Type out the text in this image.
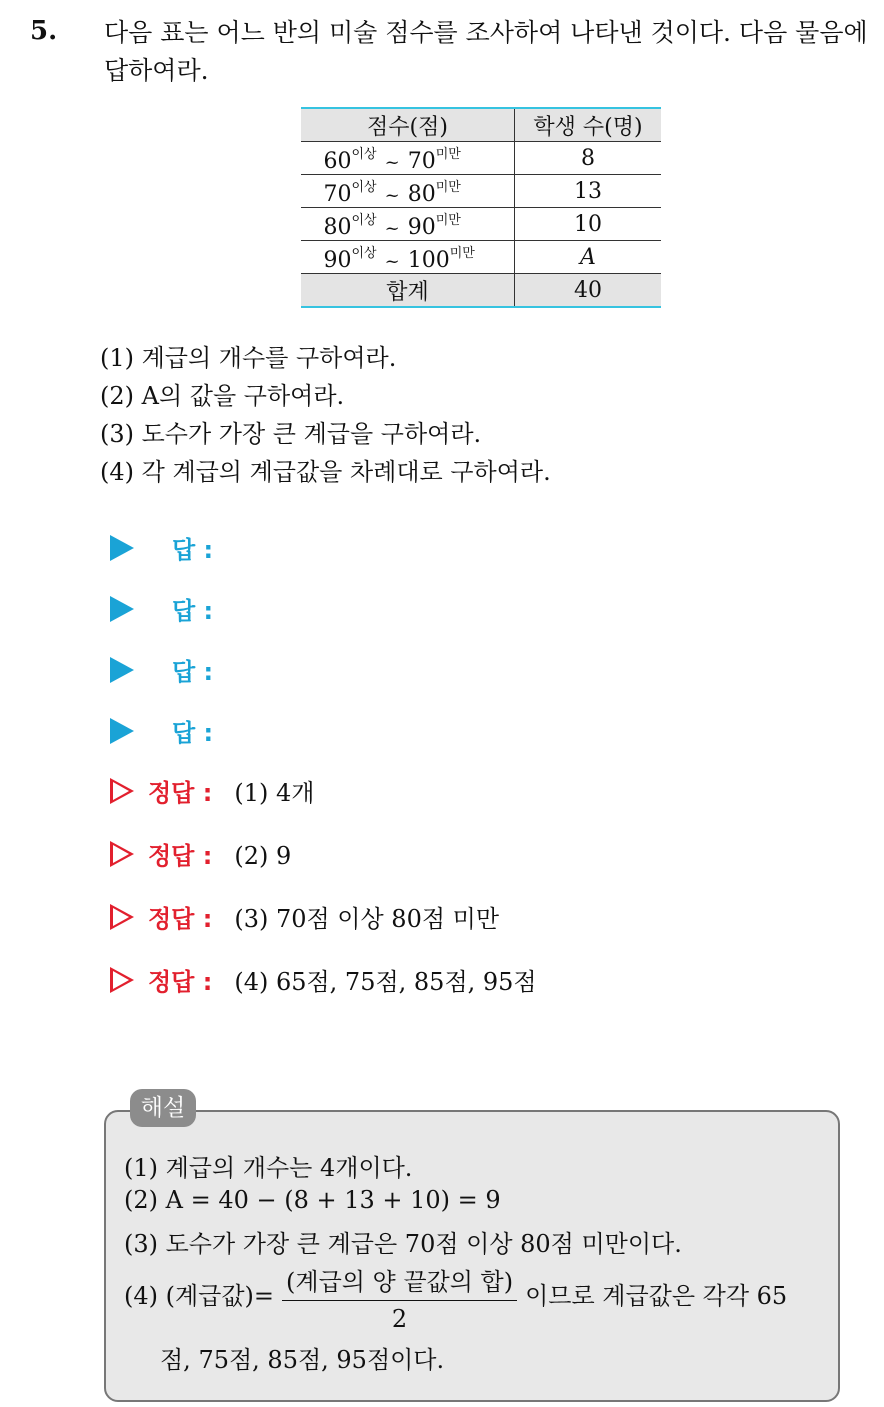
5. 다음 표는 어느 반의 미술 점수를 조사하여 나타낸 것이다. 다음 물음에 답하여라.
점수(점)	학생 수(명)
$60^{이상}$ ~ $70^{미만}$	8
$70^{이상}$ ~ $80^{미만}$	13
$80^{이상}$ ~ $90^{미만}$	10
$90^{이상}$ ~ $100^{미만}$	A
합계	40
(1) 계급의 개수를 구하여라.
(2) A의 값을 구하여라.
(3) 도수가 가장 큰 계급을 구하여라.
(4) 각 계급의 계급값을 차례대로 구하여라.
답 :
답 :
답 :
답 :
정답 : (1) 4개
정답 : (2) 9
정답 : (3) 70점 이상 80점 미만
정답 : (4) 65점, 75점, 85점, 95점
해설
(1) 계급의 개수는 4개이다.
(2) A = 40 − (8 + 13 + 10) = 9
(3) 도수가 가장 큰 계급은 70점 이상 80점 미만이다.
(4) (계급값)= $\frac{\text{(계급의 양 끝값의 합)}}{2}$ 이므로 계급값은 각각 65
점, 75점, 85점, 95점이다.
